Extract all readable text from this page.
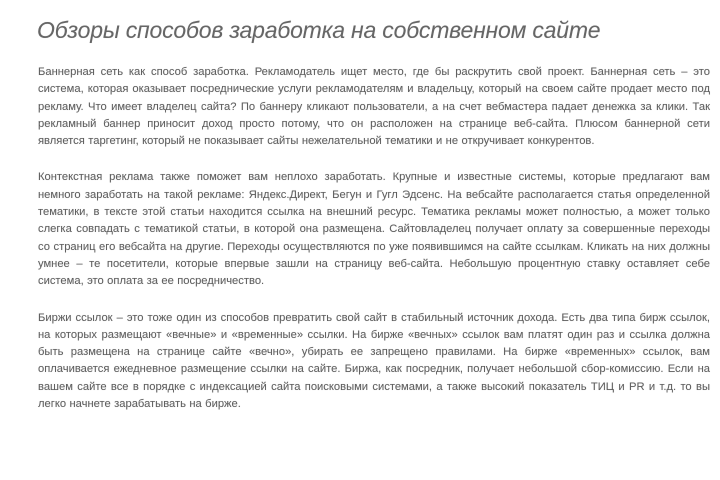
Обзоры способов заработка на собственном сайте

Баннерная сеть как способ заработка. Рекламодатель ищет место, где бы раскрутить свой проект. Баннерная сеть – это система, которая оказывает посреднические услуги рекламодателям и владельцу, который на своем сайте продает место под рекламу. Что имеет владелец сайта? По баннеру кликают пользователи, а на счет вебмастера падает денежка за клики. Так рекламный баннер приносит доход просто потому, что он расположен на странице веб-сайта. Плюсом баннерной сети является таргетинг, который не показывает сайты нежелательной тематики и не откручивает конкурентов.

Контекстная реклама также поможет вам неплохо заработать. Крупные и известные системы, которые предлагают вам немного заработать на такой рекламе: Яндекс.Директ, Бегун и Гугл Эдсенс. На вебсайте располагается статья определенной тематики, в тексте этой статьи находится ссылка на внешний ресурс. Тематика рекламы может полностью, а может только слегка совпадать с тематикой статьи, в которой она размещена. Сайтовладелец получает оплату за совершенные переходы со страниц его вебсайта на другие. Переходы осуществляются по уже появившимся на сайте ссылкам. Кликать на них должны умнее – те посетители, которые впервые зашли на страницу веб-сайта. Небольшую процентную ставку оставляет себе система, это оплата за ее посредничество.

Биржи ссылок – это тоже один из способов превратить свой сайт в стабильный источник дохода. Есть два типа бирж ссылок, на которых размещают «вечные» и «временные» ссылки. На бирже «вечных» ссылок вам платят один раз и ссылка должна быть размещена на странице сайте «вечно», убирать ее запрещено правилами. На бирже «временных» ссылок, вам оплачивается ежедневное размещение ссылки на сайте. Биржа, как посредник, получает небольшой сбор-комиссию. Если на вашем сайте все в порядке с индексацией сайта поисковыми системами, а также высокий показатель ТИЦ и PR и т.д. то вы легко начнете зарабатывать на бирже.
